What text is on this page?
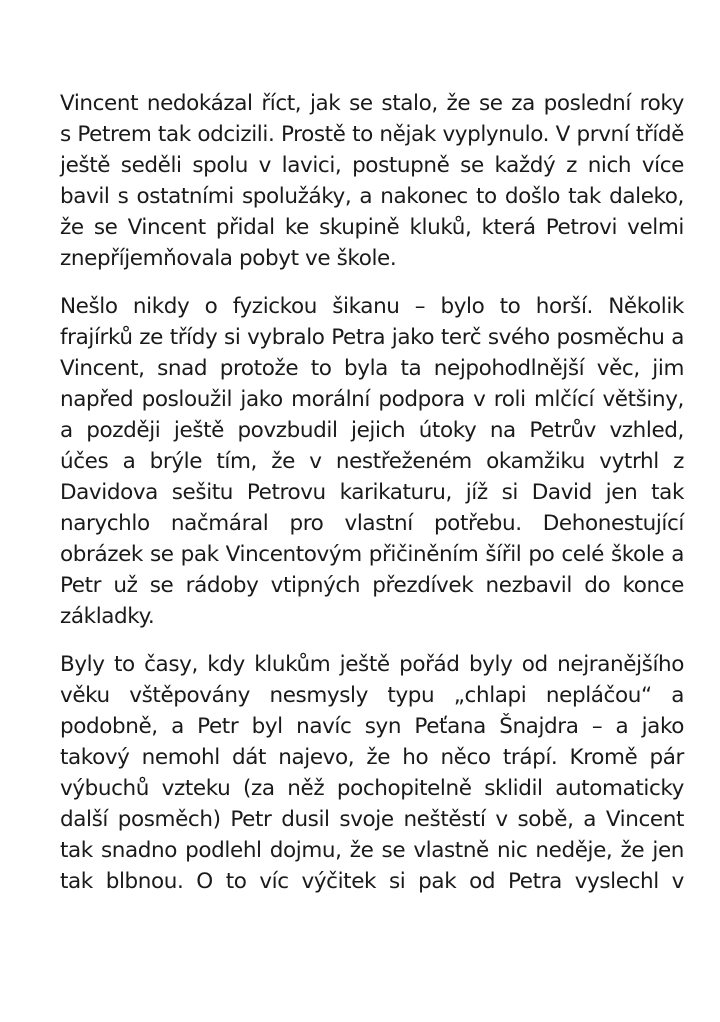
Vincent nedokázal říct, jak se stalo, že se za poslední roky
s Petrem tak odcizili. Prostě to nějak vyplynulo. V první třídě
ještě seděli spolu v lavici, postupně se každý z nich více
bavil s ostatními spolužáky, a nakonec to došlo tak daleko,
že se Vincent přidal ke skupině kluků, která Petrovi velmi
znepříjemňovala pobyt ve škole.
Nešlo nikdy o fyzickou šikanu – bylo to horší. Několik
frajírků ze třídy si vybralo Petra jako terč svého posměchu a
Vincent, snad protože to byla ta nejpohodlnější věc, jim
napřed posloužil jako morální podpora v roli mlčící většiny,
a později ještě povzbudil jejich útoky na Petrův vzhled,
účes a brýle tím, že v nestřeženém okamžiku vytrhl z
Davidova sešitu Petrovu karikaturu, jíž si David jen tak
narychlo načmáral pro vlastní potřebu. Dehonestující
obrázek se pak Vincentovým přičiněním šířil po celé škole a
Petr už se rádoby vtipných přezdívek nezbavil do konce
základky.
Byly to časy, kdy klukům ještě pořád byly od nejranějšího
věku vštěpovány nesmysly typu „chlapi nepláčou“ a
podobně, a Petr byl navíc syn Peťana Šnajdra – a jako
takový nemohl dát najevo, že ho něco trápí. Kromě pár
výbuchů vzteku (za něž pochopitelně sklidil automaticky
další posměch) Petr dusil svoje neštěstí v sobě, a Vincent
tak snadno podlehl dojmu, že se vlastně nic neděje, že jen
tak blbnou. O to víc výčitek si pak od Petra vyslechl v
